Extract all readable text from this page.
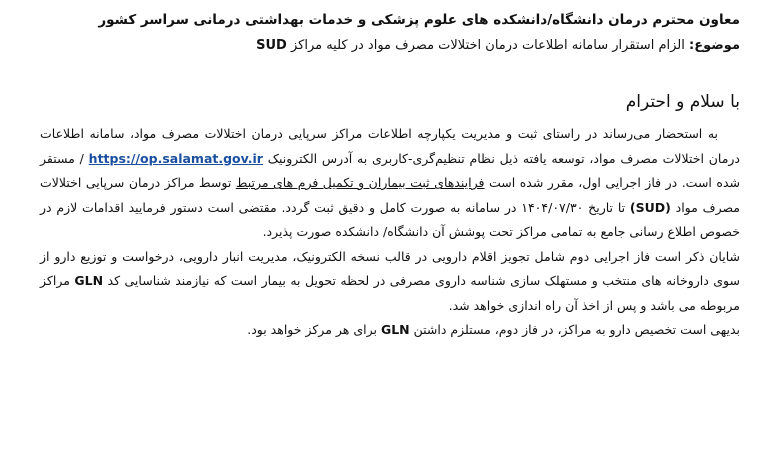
معاون محترم درمان دانشگاه/دانشکده های علوم پزشکی و خدمات بهداشتی درمانی سراسر کشور

موضوع: الزام استقرار سامانه اطلاعات درمان اختلالات مصرف مواد در کلیه مراکز SUD

با سلام و احترام

به استحضار می‌رساند در راستای ثبت و مدیریت یکپارچه اطلاعات مراکز سرپایی درمان اختلالات مصرف مواد، سامانه اطلاعات درمان اختلالات مصرف مواد، توسعه یافته ذیل نظام تنظیم‌گری-کاربری به آدرس الکترونیک https://op.salamat.gov.ir / مستقر شده است. در فاز اجرایی اول، مقرر شده است فرایندهای ثبت بیماران و تکمیل فرم های مرتبط توسط مراکز درمان سرپایی اختلالات مصرف مواد (SUD) تا تاریخ ۱۴۰۴/۰۷/۳۰ در سامانه به صورت کامل و دقیق ثبت گردد. مقتضی است دستور فرمایید اقدامات لازم در خصوص اطلاع رسانی جامع به تمامی مراکز تحت پوشش آن دانشگاه/ دانشکده صورت پذیرد.

شایان ذکر است فاز اجرایی دوم شامل تجویز اقلام دارویی در قالب نسخه الکترونیک، مدیریت انبار دارویی، درخواست و توزیع دارو از سوی داروخانه های منتخب و مستهلک سازی شناسه داروی مصرفی در لحظه تحویل به بیمار است که نیازمند شناسایی کد GLN مراکز مربوطه می باشد و پس از اخذ آن راه اندازی خواهد شد.

بدیهی است تخصیص دارو به مراکز، در فاز دوم، مستلزم داشتن GLN برای هر مرکز خواهد بود.
